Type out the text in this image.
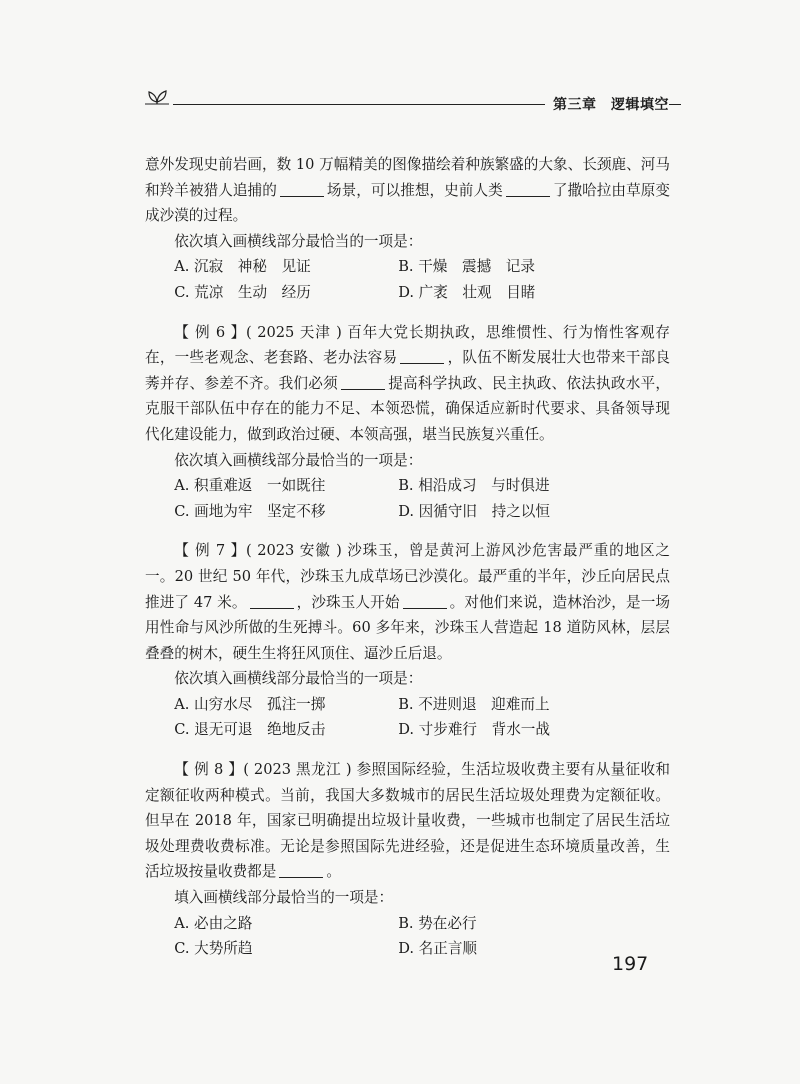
第三章　逻辑填空

意外发现史前岩画，数 10 万幅精美的图像描绘着种族繁盛的大象、长颈鹿、河马和羚羊被猎人追捕的	场景，可以推想，史前人类	了撒哈拉由草原变成沙漠的过程。

依次填入画横线部分最恰当的一项是：

A. 沉寂　神秘　见证	B. 干燥　震撼　记录
C. 荒凉　生动　经历	D. 广袤　壮观　目睹

【 例 6 】( 2025 天津 ) 百年大党长期执政，思维惯性、行为惰性客观存在，一些老观念、老套路、老办法容易	，队伍不断发展壮大也带来干部良莠并存、参差不齐。我们必须	提高科学执政、民主执政、依法执政水平，克服干部队伍中存在的能力不足、本领恐慌，确保适应新时代要求、具备领导现代化建设能力，做到政治过硬、本领高强，堪当民族复兴重任。

依次填入画横线部分最恰当的一项是：

A. 积重难返　一如既往	B. 相沿成习　与时俱进
C. 画地为牢　坚定不移	D. 因循守旧　持之以恒

【 例 7 】( 2023 安徽 ) 沙珠玉，曾是黄河上游风沙危害最严重的地区之一。20 世纪 50 年代，沙珠玉九成草场已沙漠化。最严重的半年，沙丘向居民点推进了 47 米。	，沙珠玉人开始	。对他们来说，造林治沙，是一场用性命与风沙所做的生死搏斗。60 多年来，沙珠玉人营造起 18 道防风林，层层叠叠的树木，硬生生将狂风顶住、逼沙丘后退。

依次填入画横线部分最恰当的一项是：

A. 山穷水尽　孤注一掷	B. 不进则退　迎难而上
C. 退无可退　绝地反击	D. 寸步难行　背水一战

【 例 8 】( 2023 黑龙江 ) 参照国际经验，生活垃圾收费主要有从量征收和定额征收两种模式。当前，我国大多数城市的居民生活垃圾处理费为定额征收。但早在 2018 年，国家已明确提出垃圾计量收费，一些城市也制定了居民生活垃圾处理费收费标准。无论是参照国际先进经验，还是促进生态环境质量改善，生活垃圾按量收费都是	。

填入画横线部分最恰当的一项是：

A. 必由之路	B. 势在必行
C. 大势所趋	D. 名正言顺
197
